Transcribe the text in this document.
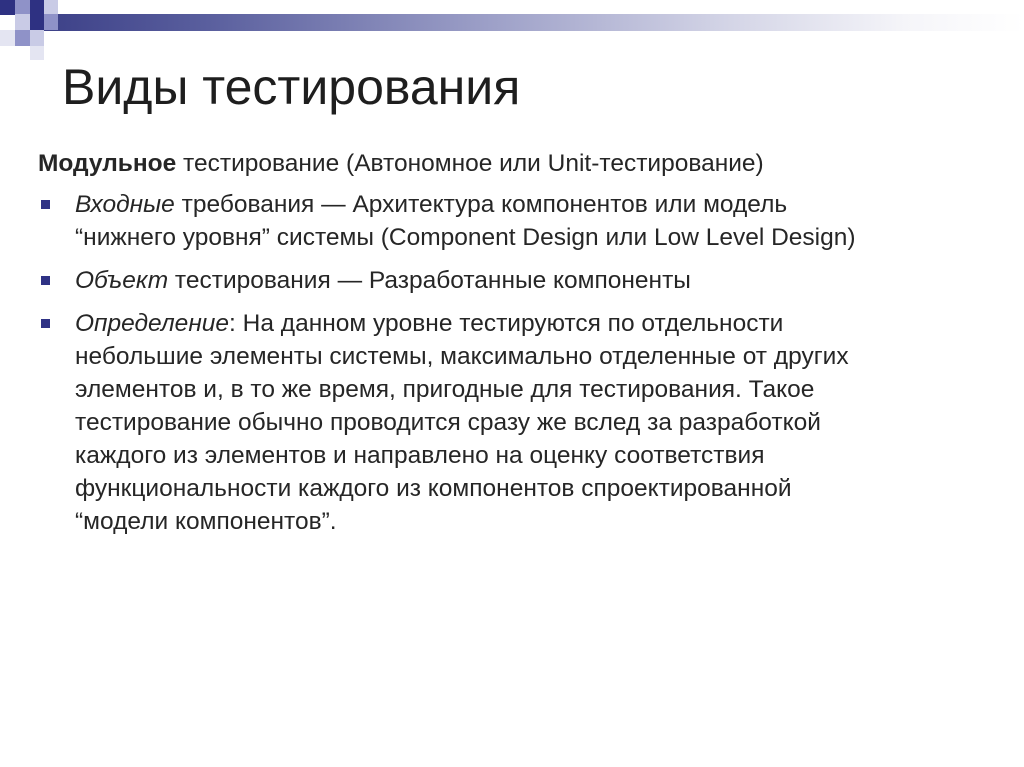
Виды тестирования

Модульное тестирование (Автономное или Unit-тестирование)

Входные требования — Архитектура компонентов или модель
“нижнего уровня” системы (Component Design или Low Level Design)
Объект тестирования — Разработанные компоненты
Определение: На данном уровне тестируются по отдельности
небольшие элементы системы, максимально отделенные от других
элементов и, в то же время, пригодные для тестирования. Такое
тестирование обычно проводится сразу же вслед за разработкой
каждого из элементов и направлено на оценку соответствия
функциональности каждого из компонентов спроектированной
“модели компонентов”.
